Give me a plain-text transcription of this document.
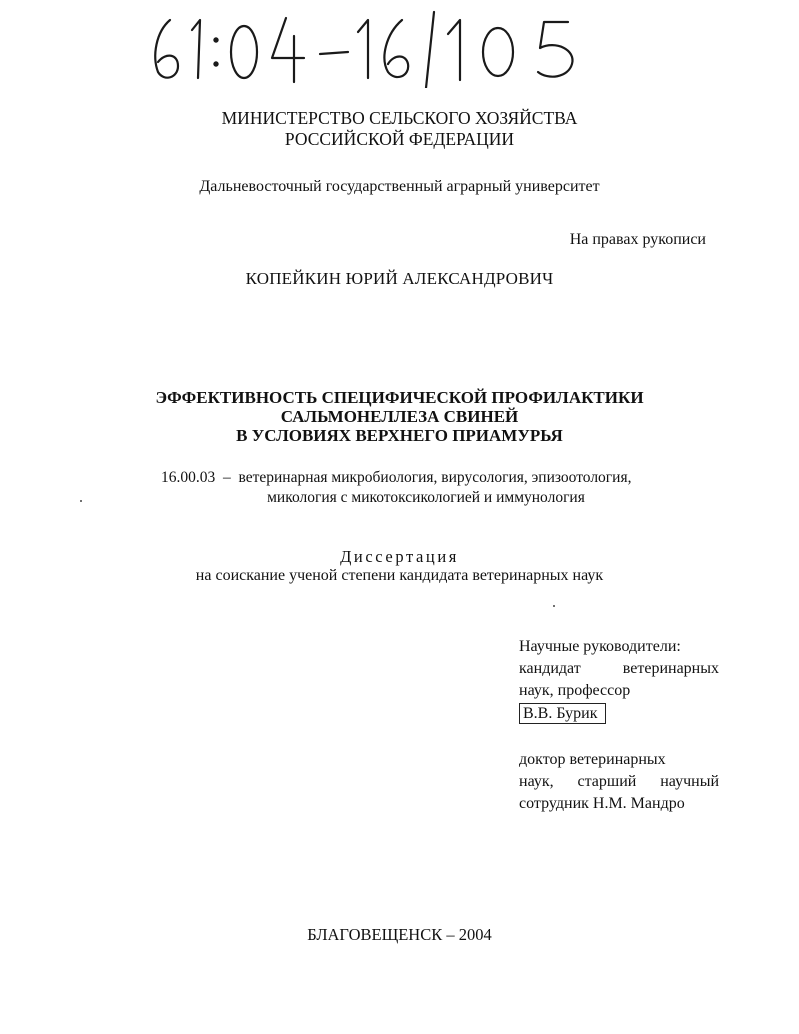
МИНИСТЕРСТВО СЕЛЬСКОГО ХОЗЯЙСТВА
РОССИЙСКОЙ ФЕДЕРАЦИИ
Дальневосточный государственный аграрный университет
На правах рукописи
КОПЕЙКИН ЮРИЙ АЛЕКСАНДРОВИЧ
ЭФФЕКТИВНОСТЬ СПЕЦИФИЧЕСКОЙ ПРОФИЛАКТИКИ
САЛЬМОНЕЛЛЕЗА СВИНЕЙ
В УСЛОВИЯХ ВЕРХНЕГО ПРИАМУРЬЯ
16.00.03  –  ветеринарная микробиология, вирусология, эпизоотология,
микология с микотоксикологией и иммунология
Диссертация
на соискание ученой степени кандидата ветеринарных наук
Научные руководители:
кандидат ветеринарных
наук, профессор
В.В. Бурик
доктор ветеринарных
наук, старший научный
сотрудник Н.М. Мандро
БЛАГОВЕЩЕНСК – 2004
